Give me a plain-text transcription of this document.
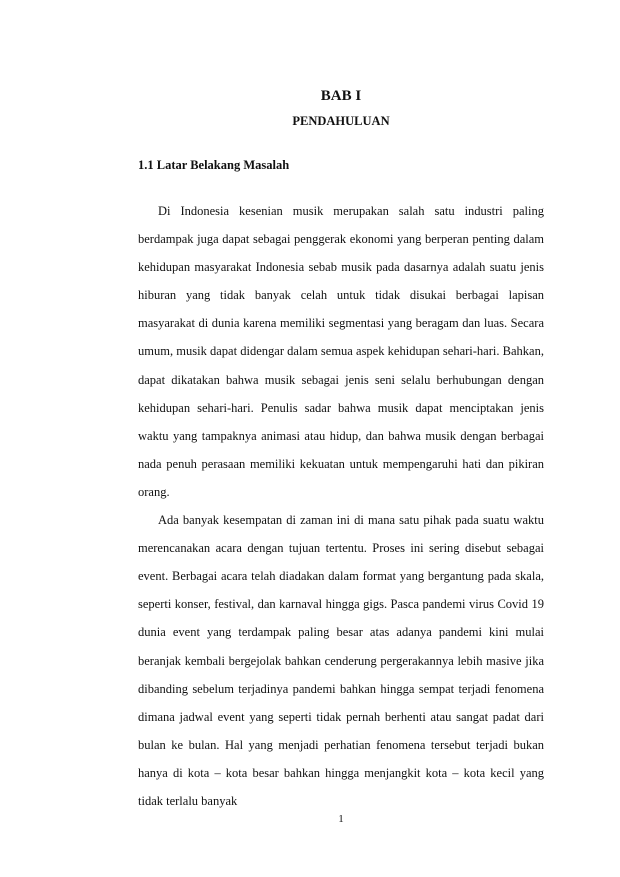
BAB I
PENDAHULUAN
1.1 Latar Belakang Masalah

Di Indonesia kesenian musik merupakan salah satu industri paling berdampak juga dapat sebagai penggerak ekonomi yang berperan penting dalam kehidupan masyarakat Indonesia sebab musik pada dasarnya adalah suatu jenis hiburan yang tidak banyak celah untuk tidak disukai berbagai lapisan masyarakat di dunia karena memiliki segmentasi yang beragam dan luas. Secara umum, musik dapat didengar dalam semua aspek kehidupan sehari-hari. Bahkan, dapat dikatakan bahwa musik sebagai jenis seni selalu berhubungan dengan kehidupan sehari-hari. Penulis sadar bahwa musik dapat menciptakan jenis waktu yang tampaknya animasi atau hidup, dan bahwa musik dengan berbagai nada penuh perasaan memiliki kekuatan untuk mempengaruhi hati dan pikiran orang.

Ada banyak kesempatan di zaman ini di mana satu pihak pada suatu waktu merencanakan acara dengan tujuan tertentu. Proses ini sering disebut sebagai event. Berbagai acara telah diadakan dalam format yang bergantung pada skala, seperti konser, festival, dan karnaval hingga gigs. Pasca pandemi virus Covid 19 dunia event yang terdampak paling besar atas adanya pandemi kini mulai beranjak kembali bergejolak bahkan cenderung pergerakannya lebih masive jika dibanding sebelum terjadinya pandemi bahkan hingga sempat terjadi fenomena dimana jadwal event yang seperti tidak pernah berhenti atau sangat padat dari bulan ke bulan. Hal yang menjadi perhatian fenomena tersebut terjadi bukan hanya di kota – kota besar bahkan hingga menjangkit kota – kota kecil yang tidak terlalu banyak

1
